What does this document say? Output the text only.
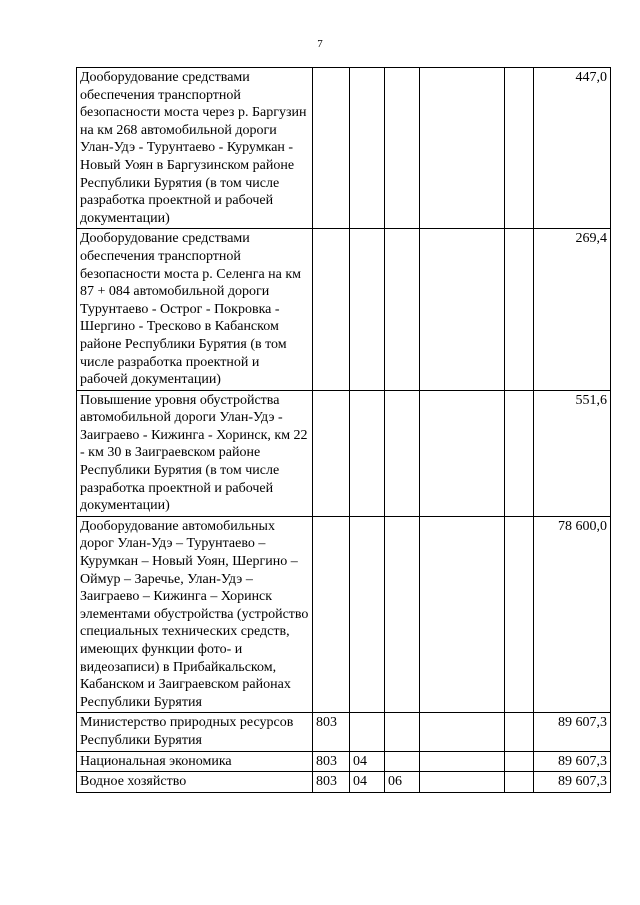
7
Дооборудование средствами обеспечения транспортной безопасности моста через р. Баргузин на км 268 автомобильной дороги Улан-Удэ - Турунтаево - Курумкан - Новый Уоян в Баргузинском районе Республики Бурятия (в том числе разработка проектной и рабочей документации)						447,0
Дооборудование средствами обеспечения транспортной безопасности моста р. Селенга на км 87 + 084 автомобильной дороги Турунтаево - Острог - Покровка - Шергино - Тресково в Кабанском районе Республики Бурятия (в том числе разработка проектной и рабочей документации)						269,4
Повышение уровня обустройства автомобильной дороги Улан-Удэ - Заиграево - Кижинга - Хоринск, км 22 - км 30 в Заиграевском районе Республики Бурятия (в том числе разработка проектной и рабочей документации)						551,6
Дооборудование автомобильных дорог Улан-Удэ – Турунтаево – Курумкан – Новый Уоян, Шергино – Оймур – Заречье, Улан-Удэ – Заиграево – Кижинга – Хоринск элементами обустройства (устройство специальных технических средств, имеющих функции фото- и видеозаписи) в Прибайкальском, Кабанском и Заиграевском районах Республики Бурятия						78 600,0
Министерство природных ресурсов Республики Бурятия	803					89 607,3
Национальная экономика	803	04				89 607,3
Водное хозяйство	803	04	06			89 607,3
